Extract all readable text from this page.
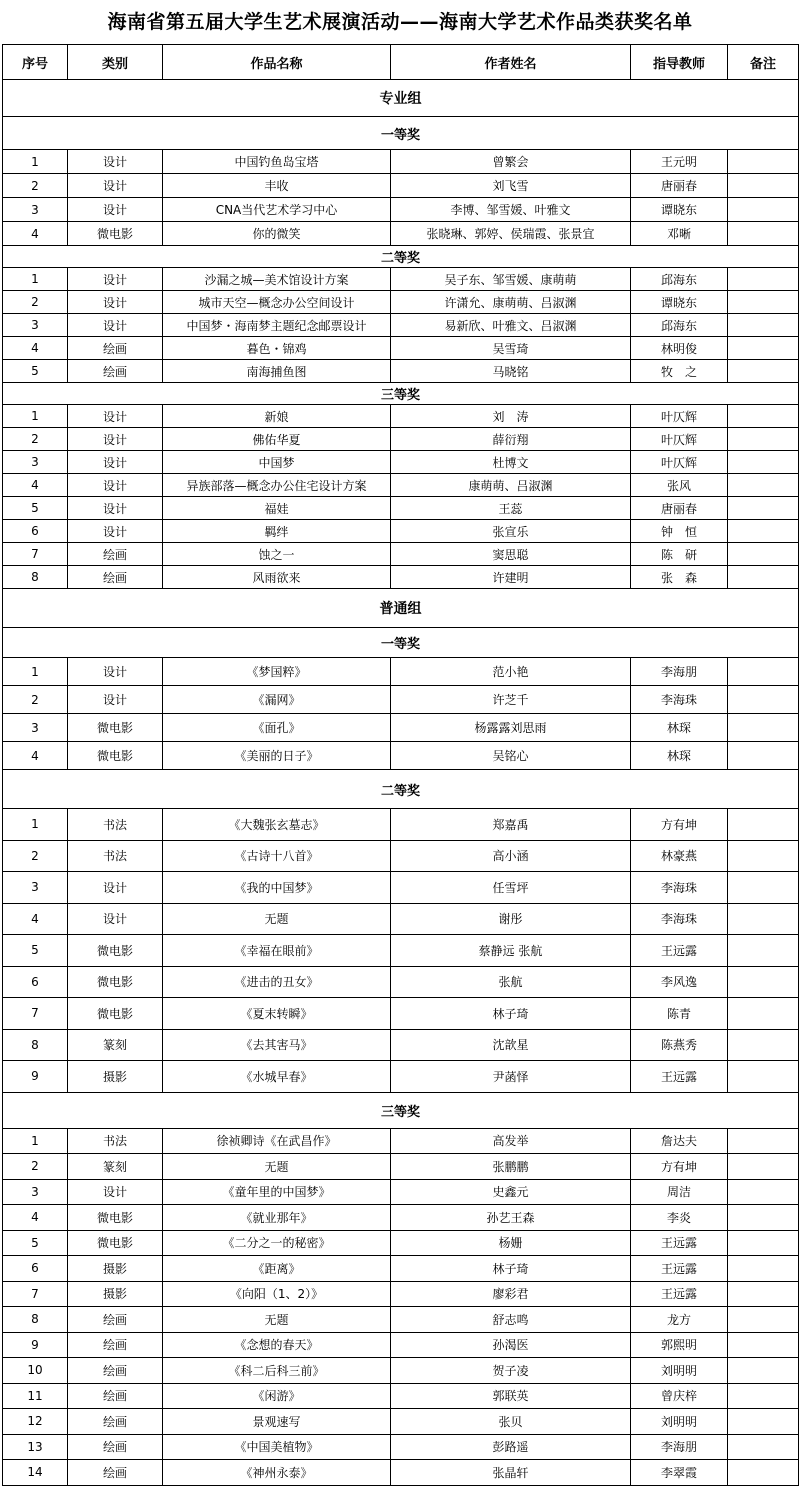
海南省第五届大学生艺术展演活动——海南大学艺术作品类获奖名单
序号	类别	作品名称	作者姓名	指导教师	备注
专业组					
一等奖					
1	设计	中国钓鱼岛宝塔	曾繁会	王元明	
2	设计	丰收	刘飞雪	唐丽春	
3	设计	CNA当代艺术学习中心	李博、邹雪媛、叶雅文	谭晓东	
4	微电影	你的微笑	张晓琳、郭婷、侯瑞霞、张景宜	邓晰	
二等奖					
1	设计	沙漏之城—美术馆设计方案	吴子东、邹雪媛、康萌萌	邱海东	
2	设计	城市天空—概念办公空间设计	许潇允、康萌萌、吕淑渊	谭晓东	
3	设计	中国梦・海南梦主题纪念邮票设计	易新欣、叶雅文、吕淑渊	邱海东	
4	绘画	暮色・锦鸡	吴雪琦	林明俊	
5	绘画	南海捕鱼图	马晓铭	牧　之	
三等奖					
1	设计	新娘	刘　涛	叶仄辉	
2	设计	佛佑华夏	薛衍翔	叶仄辉	
3	设计	中国梦	杜博文	叶仄辉	
4	设计	异族部落—概念办公住宅设计方案	康萌萌、吕淑渊	张风	
5	设计	福娃	王蕊	唐丽春	
6	设计	羁绊	张宣乐	钟　恒	
7	绘画	蚀之一	窦思聪	陈　研	
8	绘画	风雨欲来	许建明	张　森	
普通组					
一等奖					
1	设计	《梦国粹》	范小艳	李海朋	
2	设计	《漏网》	许芝千	李海珠	
3	微电影	《面孔》	杨露露刘思雨	林琛	
4	微电影	《美丽的日子》	吴铭心	林琛	
二等奖					
1	书法	《大魏张玄墓志》	郑嘉禹	方有坤	
2	书法	《古诗十八首》	高小涵	林豪燕	
3	设计	《我的中国梦》	任雪坪	李海珠	
4	设计	无题	谢彤	李海珠	
5	微电影	《幸福在眼前》	蔡静远 张航	王远露	
6	微电影	《进击的丑女》	张航	李风逸	
7	微电影	《夏末转瞬》	林子琦	陈青	
8	篆刻	《去其害马》	沈歆星	陈燕秀	
9	摄影	《水城早春》	尹菡怿	王远露	
三等奖					
1	书法	徐祯卿诗《在武昌作》	高发举	詹达夫	
2	篆刻	无题	张鹏鹏	方有坤	
3	设计	《童年里的中国梦》	史鑫元	周洁	
4	微电影	《就业那年》	孙艺王森	李炎	
5	微电影	《二分之一的秘密》	杨姗	王远露	
6	摄影	《距离》	林子琦	王远露	
7	摄影	《向阳（1、2）》	廖彩君	王远露	
8	绘画	无题	舒志鸣	龙方	
9	绘画	《念想的春天》	孙渴医	郭熙明	
10	绘画	《科二后科三前》	贺子凌	刘明明	
11	绘画	《闲游》	郭联英	曾庆梓	
12	绘画	景观速写	张贝	刘明明	
13	绘画	《中国美植物》	彭路遥	李海朋	
14	绘画	《神州永泰》	张晶轩	李翠霞	
